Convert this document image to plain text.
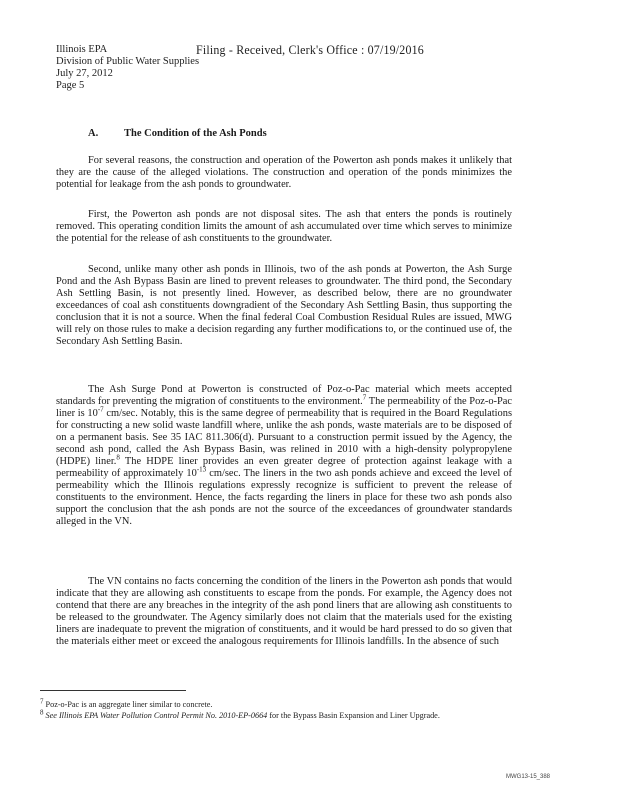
Filing - Received, Clerk's Office : 07/19/2016
Illinois EPA
Division of Public Water Supplies
July 27, 2012
Page 5
A. The Condition of the Ash Ponds

For several reasons, the construction and operation of the Powerton ash ponds makes it unlikely that they are the cause of the alleged violations. The construction and operation of the ponds minimizes the potential for leakage from the ash ponds to groundwater.

First, the Powerton ash ponds are not disposal sites. The ash that enters the ponds is routinely removed. This operating condition limits the amount of ash accumulated over time which serves to minimize the potential for the release of ash constituents to the groundwater.

Second, unlike many other ash ponds in Illinois, two of the ash ponds at Powerton, the Ash Surge Pond and the Ash Bypass Basin are lined to prevent releases to groundwater. The third pond, the Secondary Ash Settling Basin, is not presently lined. However, as described below, there are no groundwater exceedances of coal ash constituents downgradient of the Secondary Ash Settling Basin, thus supporting the conclusion that it is not a source. When the final federal Coal Combustion Residual Rules are issued, MWG will rely on those rules to make a decision regarding any further modifications to, or the continued use of, the Secondary Ash Settling Basin.

The Ash Surge Pond at Powerton is constructed of Poz-o-Pac material which meets accepted standards for preventing the migration of constituents to the environment.$^7$ The permeability of the Poz-o-Pac liner is $10^{-7}$ cm/sec. Notably, this is the same degree of permeability that is required in the Board Regulations for constructing a new solid waste landfill where, unlike the ash ponds, waste materials are to be disposed of on a permanent basis. See 35 IAC 811.306(d). Pursuant to a construction permit issued by the Agency, the second ash pond, called the Ash Bypass Basin, was relined in 2010 with a high-density polypropylene (HDPE) liner.$^8$ The HDPE liner provides an even greater degree of protection against leakage with a permeability of approximately $10^{-13}$ cm/sec. The liners in the two ash ponds achieve and exceed the level of permeability which the Illinois regulations expressly recognize is sufficient to prevent the release of constituents to the environment. Hence, the facts regarding the liners in place for these two ash ponds also support the conclusion that the ash ponds are not the source of the exceedances of groundwater standards alleged in the VN.

The VN contains no facts concerning the condition of the liners in the Powerton ash ponds that would indicate that they are allowing ash constituents to escape from the ponds. For example, the Agency does not contend that there are any breaches in the integrity of the ash pond liners that are allowing ash constituents to be released to the groundwater. The Agency similarly does not claim that the materials used for the existing liners are inadequate to prevent the migration of constituents, and it would be hard pressed to do so given that the materials either meet or exceed the analogous requirements for Illinois landfills. In the absence of such

$^7$ Poz-o-Pac is an aggregate liner similar to concrete.

$^8$ See Illinois EPA Water Pollution Control Permit No. 2010-EP-0664 for the Bypass Basin Expansion and Liner Upgrade.

MWG13-15_388
